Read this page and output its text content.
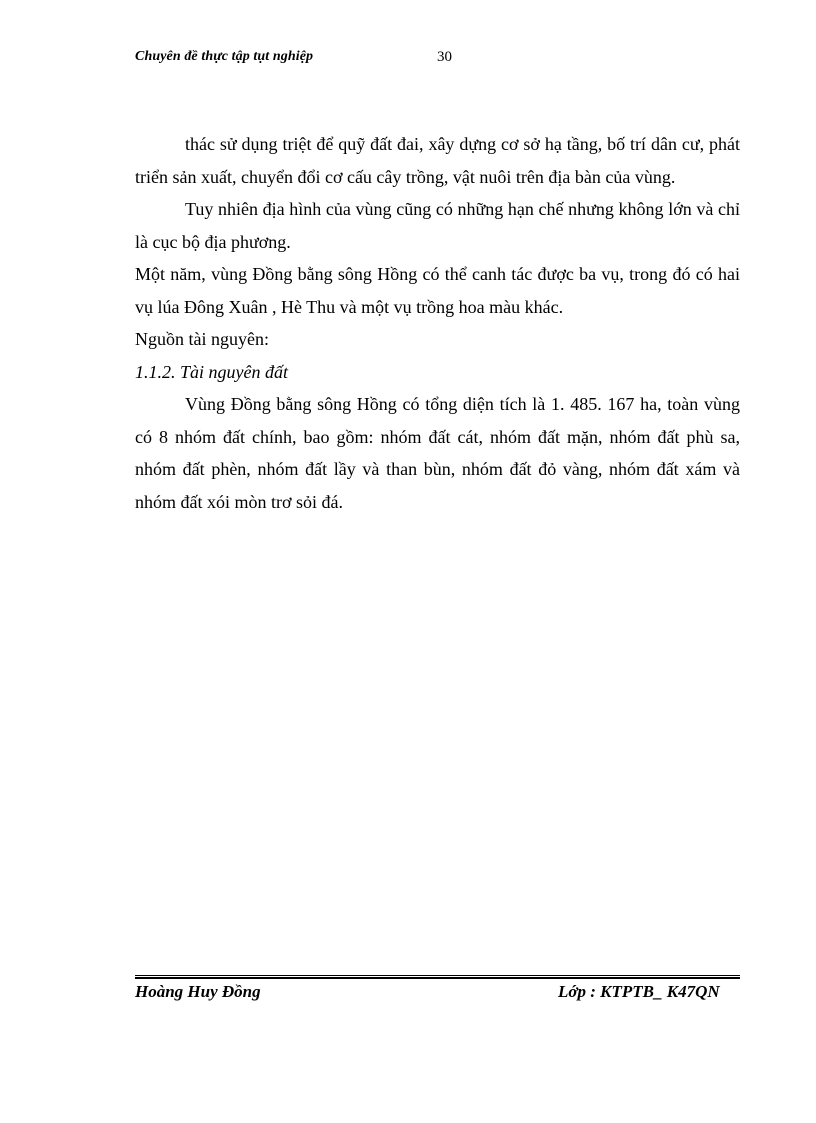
Chuyên đề thực tập tụt nghiệp	30

thác sử dụng triệt để quỹ đất đai, xây dựng cơ sở hạ tầng, bố trí dân cư, phát triển sản xuất, chuyển đổi cơ cấu cây trồng, vật nuôi trên địa bàn của vùng.

Tuy nhiên địa hình của vùng cũng có những hạn chế nhưng không lớn và chỉ là cục bộ địa phương.

Một năm, vùng Đồng bằng sông Hồng có thể canh tác được ba vụ, trong đó có hai vụ lúa Đông Xuân , Hè Thu và một vụ trồng hoa màu khác.

Nguồn tài nguyên:

1.1.2. Tài nguyên đất

Vùng Đồng bằng sông Hồng có tổng diện tích là 1. 485. 167 ha, toàn vùng có 8 nhóm đất chính, bao gồm: nhóm đất cát, nhóm đất mặn, nhóm đất phù sa, nhóm đất phèn, nhóm đất lầy và than bùn, nhóm đất đỏ vàng, nhóm đất xám và nhóm đất xói mòn trơ sỏi đá.

Hoàng Huy Đồng	Lớp : KTPTB_ K47QN
